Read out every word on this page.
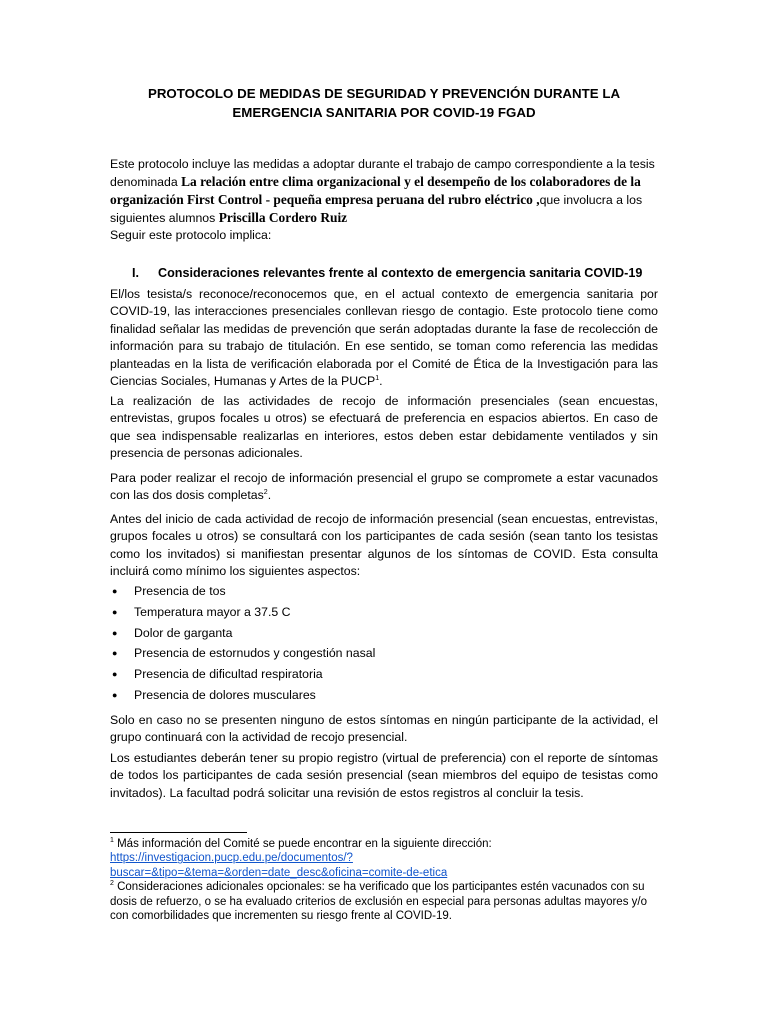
PROTOCOLO DE MEDIDAS DE SEGURIDAD Y PREVENCIÓN DURANTE LA EMERGENCIA SANITARIA POR COVID-19 FGAD

Este protocolo incluye las medidas a adoptar durante el trabajo de campo correspondiente a la tesis denominada La relación entre clima organizacional y el desempeño de los colaboradores de la organización First Control - pequeña empresa peruana del rubro eléctrico ,que involucra a los siguientes alumnos Priscilla Cordero Ruiz
Seguir este protocolo implica:

I.	Consideraciones relevantes frente al contexto de emergencia sanitaria COVID-19

El/los tesista/s reconoce/reconocemos que, en el actual contexto de emergencia sanitaria por COVID-19, las interacciones presenciales conllevan riesgo de contagio. Este protocolo tiene como finalidad señalar las medidas de prevención que serán adoptadas durante la fase de recolección de información para su trabajo de titulación. En ese sentido, se toman como referencia las medidas planteadas en la lista de verificación elaborada por el Comité de Ética de la Investigación para las Ciencias Sociales, Humanas y Artes de la PUCP$^1$.

La realización de las actividades de recojo de información presenciales (sean encuestas, entrevistas, grupos focales u otros) se efectuará de preferencia en espacios abiertos. En caso de que sea indispensable realizarlas en interiores, estos deben estar debidamente ventilados y sin presencia de personas adicionales.

Para poder realizar el recojo de información presencial el grupo se compromete a estar vacunados con las dos dosis completas$^2$.

Antes del inicio de cada actividad de recojo de información presencial (sean encuestas, entrevistas, grupos focales u otros) se consultará con los participantes de cada sesión (sean tanto los tesistas como los invitados) si manifiestan presentar algunos de los síntomas de COVID. Esta consulta incluirá como mínimo los siguientes aspectos:

●	Presencia de tos
●	Temperatura mayor a 37.5 C
●	Dolor de garganta
●	Presencia de estornudos y congestión nasal
●	Presencia de dificultad respiratoria
●	Presencia de dolores musculares

Solo en caso no se presenten ninguno de estos síntomas en ningún participante de la actividad, el grupo continuará con la actividad de recojo presencial.

Los estudiantes deberán tener su propio registro (virtual de preferencia) con el reporte de síntomas de todos los participantes de cada sesión presencial (sean miembros del equipo de tesistas como invitados). La facultad podrá solicitar una revisión de estos registros al concluir la tesis.

$^1$ Más información del Comité se puede encontrar en la siguiente dirección:
https://investigacion.pucp.edu.pe/documentos/?
buscar=&tipo=&tema=&orden=date_desc&oficina=comite-de-etica

$^2$ Consideraciones adicionales opcionales: se ha verificado que los participantes estén vacunados con su dosis de refuerzo, o se ha evaluado criterios de exclusión en especial para personas adultas mayores y/o con comorbilidades que incrementen su riesgo frente al COVID-19.
